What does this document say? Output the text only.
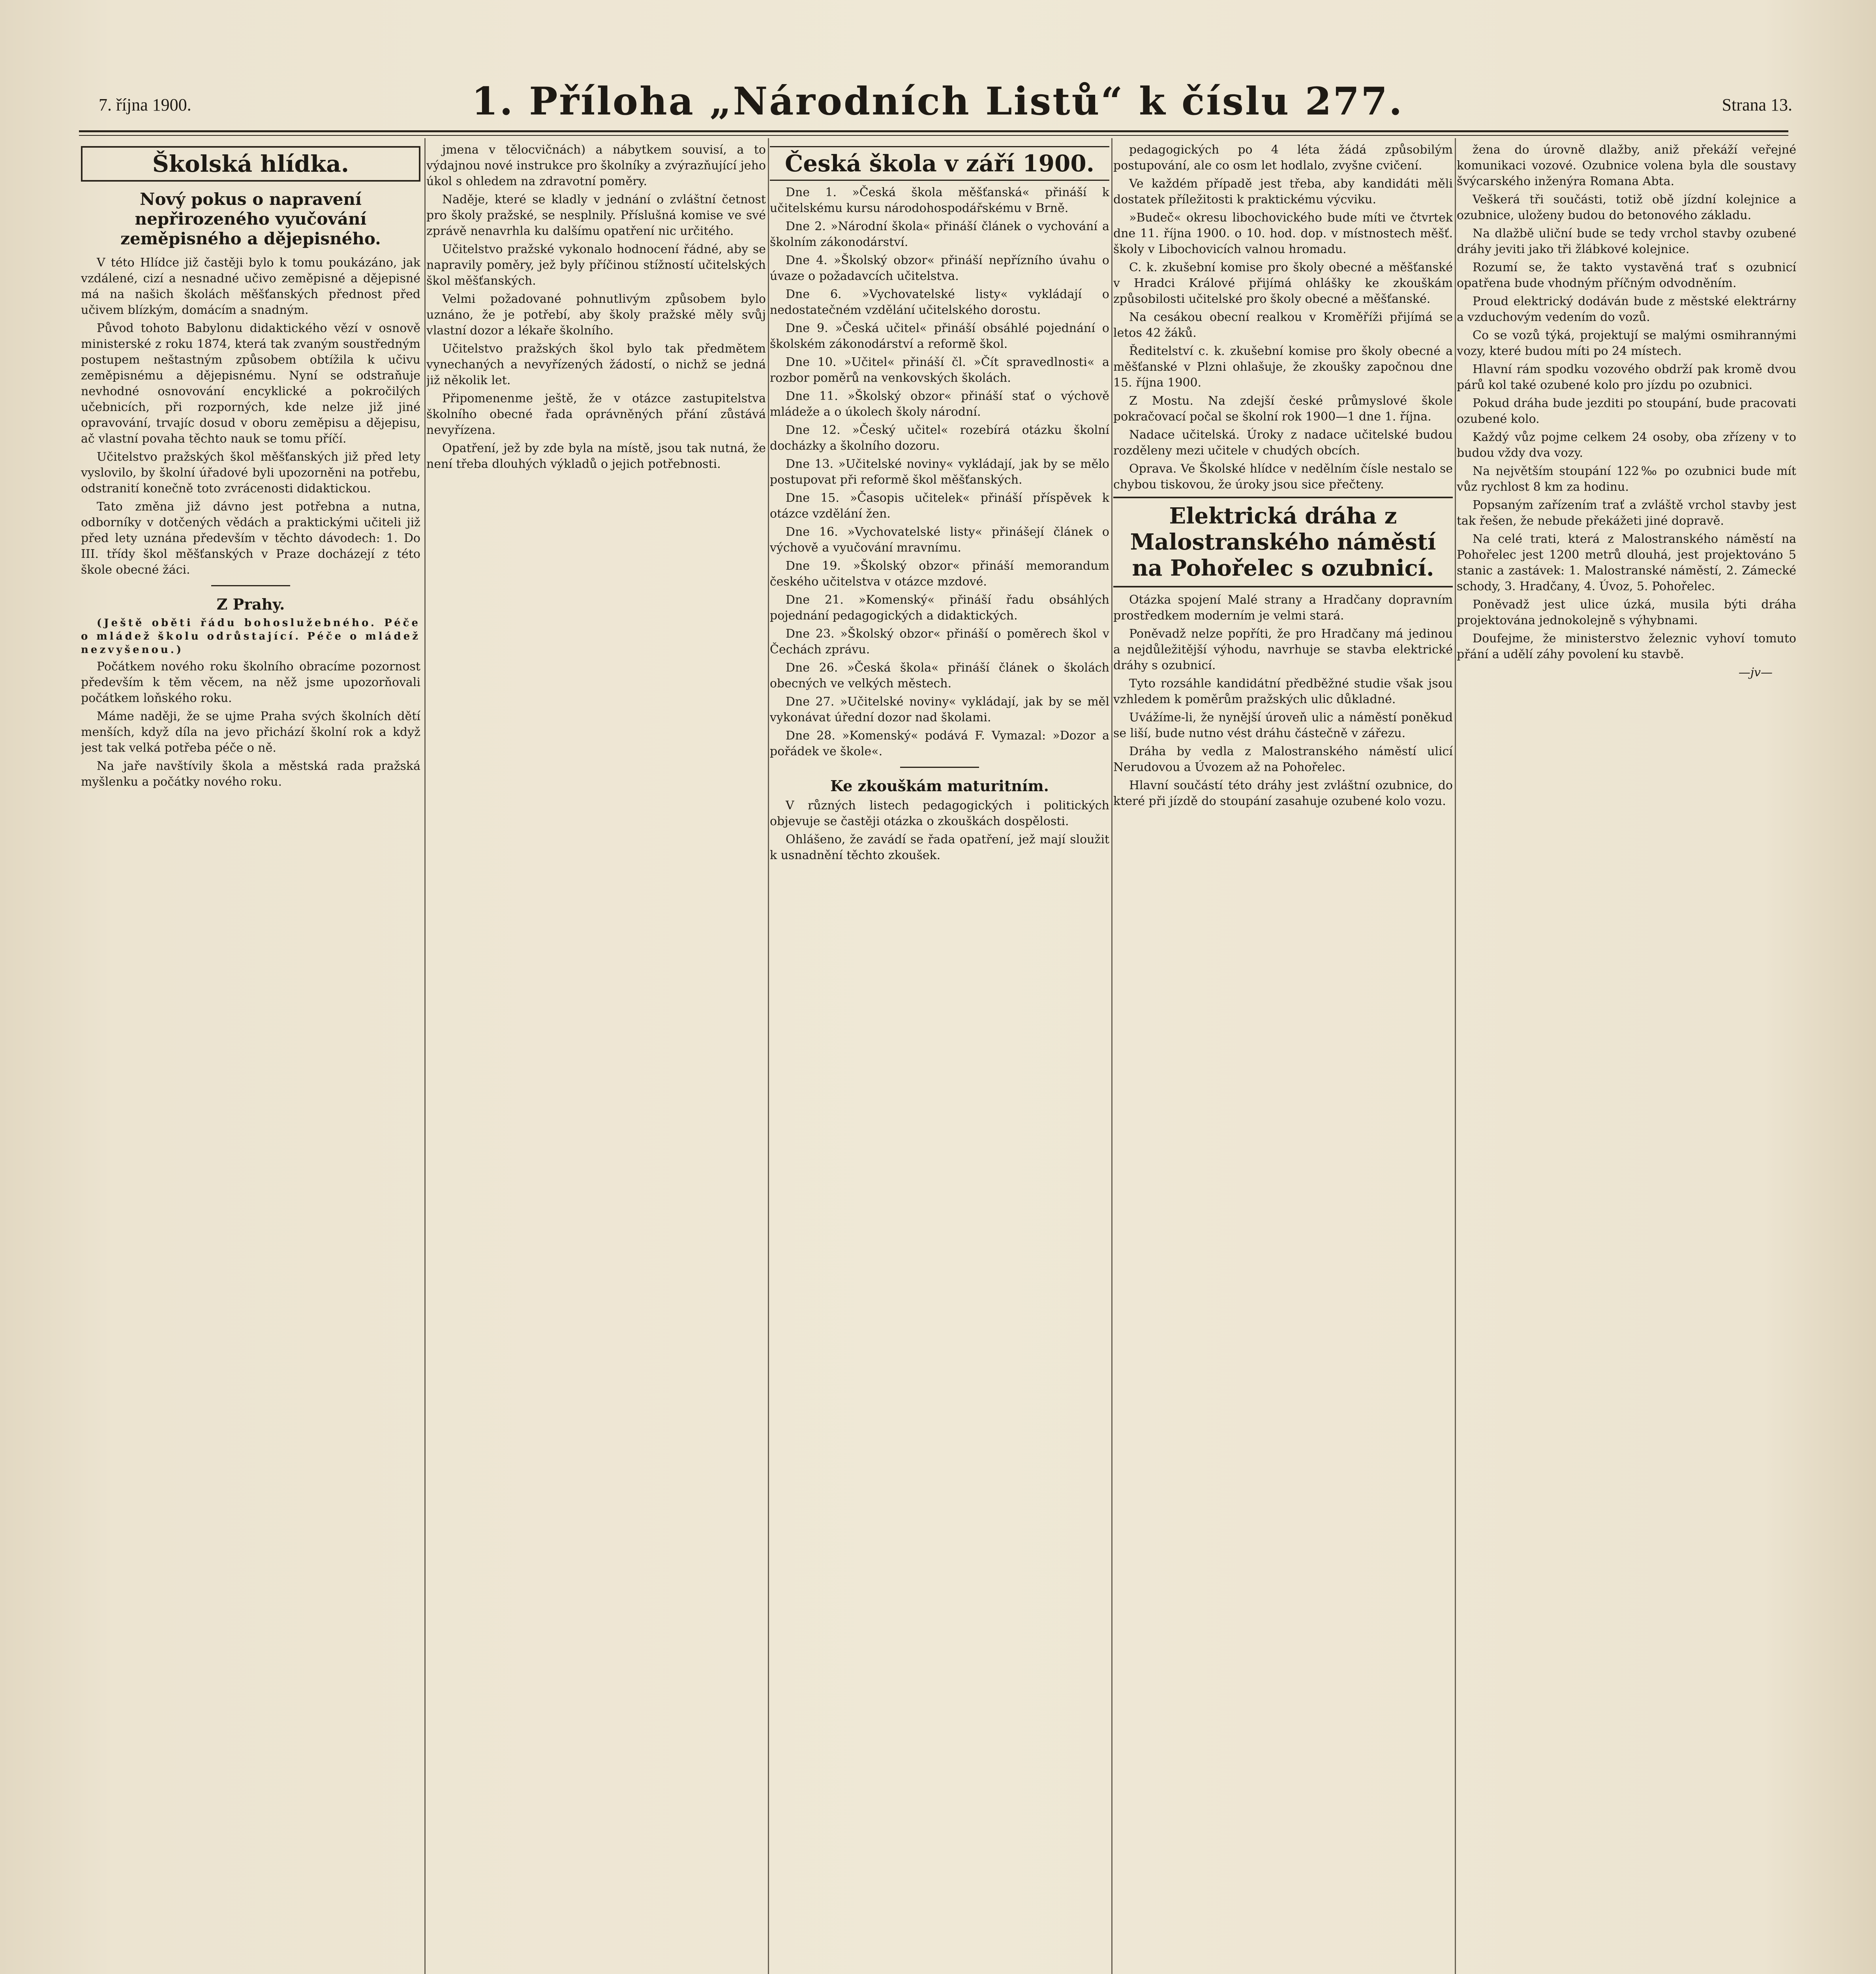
7. října 1900.	1. Příloha „Národních Listů“ k číslu 277.	Strana 13.
Školská hlídka.
Nový pokus o napravení nepřirozeného vyučování zeměpisného a dějepisného.

V této Hlídce již častěji bylo k tomu poukázáno, jak vzdálené, cizí a nesnadné učivo zeměpisné a dějepisné má na našich školách měšťanských přednost před učivem blízkým, domácím a snadným.

Původ tohoto Babylonu didaktického vězí v osnově ministerské z roku 1874, která tak zvaným soustředným postupem neštastným způsobem obtížila k učivu zeměpisnému a dějepisnému. Nyní se odstraňuje nevhodné osnovování encyklické a pokročilých učebnicích, při rozporných, kde nelze již jiné opravování, trvajíc dosud v oboru zeměpisu a dějepisu, ač vlastní povaha těchto nauk se tomu příčí.

Učitelstvo pražských škol měšťanských již před lety vyslovilo, by školní úřadové byli upozorněni na potřebu, odstranití konečně toto zvrácenosti didaktickou.

Tato změna již dávno jest potřebna a nutna, odborníky v dotčených vědách a praktickými učiteli již před lety uznána především v těchto dávodech: 1. Do III. třídy škol měšťanských v Praze docházejí z této škole obecné žáci.

Z Prahy.

(Ještě oběti řádu bohoslužebného. Péče o mládež školu odrůstající. Péče o mládež nezvyšenou.)

Počátkem nového roku školního obracíme pozornost především k těm věcem, na něž jsme upozorňovali počátkem loňského roku.

Máme naději, že se ujme Praha svých školních dětí menších, když díla na jevo přichází školní rok a když jest tak velká potřeba péče o ně.

Na jaře navštívily škola a městská rada pražská myšlenku a počátky nového roku.

jmena v tělocvičnách) a nábytkem souvisí, a to výdajnou nové instrukce pro školníky a zvýrazňující jeho úkol s ohledem na zdravotní poměry.

Naděje, které se kladly v jednání o zvláštní četnost pro školy pražské, se nesplnily. Příslušná komise ve své zprávě nenavrhla ku dalšímu opatření nic určitého.

Učitelstvo pražské vykonalo hodnocení řádné, aby se napravily poměry, jež byly příčinou stížností učitelských škol měšťanských.

Velmi požadované pohnutlivým způsobem bylo uznáno, že je potřebí, aby školy pražské měly svůj vlastní dozor a lékaře školního.

Učitelstvo pražských škol bylo tak předmětem vynechaných a nevyřízených žádostí, o nichž se jedná již několik let.

Připomenenme ještě, že v otázce zastupitelstva školního obecné řada oprávněných přání zůstává nevyřízena.

Opatření, jež by zde byla na místě, jsou tak nutná, že není třeba dlouhých výkladů o jejich potřebnosti.

Česká škola v září 1900.

Dne 1. »Česká škola měšťanská« přináší k učitelskému kursu národohospodářskému v Brně.

Dne 2. »Národní škola« přináší článek o vychování a školním zákonodárství.

Dne 4. »Školský obzor« přináší nepřízního úvahu o úvaze o požadavcích učitelstva.

Dne 6. »Vychovatelské listy« vykládají o nedostatečném vzdělání učitelského dorostu.

Dne 9. »Česká učitel« přináší obsáhlé pojednání o školském zákonodárství a reformě škol.

Dne 10. »Učitel« přináší čl. »Čít spravedlnosti« a rozbor poměrů na venkovských školách.

Dne 11. »Školský obzor« přináší stať o výchově mládeže a o úkolech školy národní.

Dne 12. »Český učitel« rozebírá otázku školní docházky a školního dozoru.

Dne 13. »Učitelské noviny« vykládají, jak by se mělo postupovat při reformě škol měšťanských.

Dne 15. »Časopis učitelek« přináší příspěvek k otázce vzdělání žen.

Dne 16. »Vychovatelské listy« přinášejí článek o výchově a vyučování mravnímu.

Dne 19. »Školský obzor« přináší memorandum českého učitelstva v otázce mzdové.

Dne 21. »Komenský« přináší řadu obsáhlých pojednání pedagogických a didaktických.

Dne 23. »Školský obzor« přináší o poměrech škol v Čechách zprávu.

Dne 26. »Česká škola« přináší článek o školách obecných ve velkých městech.

Dne 27. »Učitelské noviny« vykládají, jak by se měl vykonávat úřední dozor nad školami.

Dne 28. »Komenský« podává F. Vymazal: »Dozor a pořádek ve škole«.

Ke zkouškám maturitním.

V různých listech pedagogických i politických objevuje se častěji otázka o zkouškách dospělosti.

Ohlášeno, že zavádí se řada opatření, jež mají sloužit k usnadnění těchto zkoušek.

pedagogických po 4 léta žádá způsobilým postupování, ale co osm let hodlalo, zvyšne cvičení.

Ve každém případě jest třeba, aby kandidáti měli dostatek příležitosti k praktickému výcviku.

»Budeč« okresu libochovického bude míti ve čtvrtek dne 11. října 1900. o 10. hod. dop. v místnostech měšť. školy v Libochovicích valnou hromadu.

C. k. zkušební komise pro školy obecné a měšťanské v Hradci Králové přijímá ohlášky ke zkouškám způsobilosti učitelské pro školy obecné a měšťanské.

Na cesákou obecní realkou v Kroměříži přijímá se letos 42 žáků.

Ředitelství c. k. zkušební komise pro školy obecné a měšťanské v Plzni ohlašuje, že zkoušky započnou dne 15. října 1900.

Z Mostu. Na zdejší české průmyslové škole pokračovací počal se školní rok 1900—1 dne 1. října.

Nadace učitelská. Úroky z nadace učitelské budou rozděleny mezi učitele v chudých obcích.

Oprava. Ve Školské hlídce v nedělním čísle nestalo se chybou tiskovou, že úroky jsou sice přečteny.

Elektrická dráha z Malostranského náměstí na Pohořelec s ozubnicí.

Otázka spojení Malé strany a Hradčany dopravním prostředkem moderním je velmi stará.

Poněvadž nelze popříti, že pro Hradčany má jedinou a nejdůležitější výhodu, navrhuje se stavba elektrické dráhy s ozubnicí.

Tyto rozsáhle kandidátní předběžné studie však jsou vzhledem k poměrům pražských ulic důkladné.

Uvážíme-li, že nynější úroveň ulic a náměstí poněkud se liší, bude nutno vést dráhu částečně v zářezu.

Dráha by vedla z Malostranského náměstí ulicí Nerudovou a Úvozem až na Pohořelec.

Hlavní součástí této dráhy jest zvláštní ozubnice, do které při jízdě do stoupání zasahuje ozubené kolo vozu.

žena do úrovně dlažby, aniž překáží veřejné komunikaci vozové. Ozubnice volena byla dle soustavy švýcarského inženýra Romana Abta.

Veškerá tři součásti, totiž obě jízdní kolejnice a ozubnice, uloženy budou do betonového základu.

Na dlažbě uliční bude se tedy vrchol stavby ozubené dráhy jeviti jako tři žlábkové kolejnice.

Rozumí se, že takto vystavěná trať s ozubnicí opatřena bude vhodným příčným odvodněním.

Proud elektrický dodáván bude z městské elektrárny a vzduchovým vedením do vozů.

Co se vozů týká, projektují se malými osmihrannými vozy, které budou míti po 24 místech.

Hlavní rám spodku vozového obdrží pak kromě dvou párů kol také ozubené kolo pro jízdu po ozubnici.

Pokud dráha bude jezditi po stoupání, bude pracovati ozubené kolo.

Každý vůz pojme celkem 24 osoby, oba zřízeny v to budou vždy dva vozy.

Na největším stoupání 122‰ po ozubnici bude mít vůz rychlost 8 km za hodinu.

Popsaným zařízením trať a zvláště vrchol stavby jest tak řešen, že nebude překážeti jiné dopravě.

Na celé trati, která z Malostranského náměstí na Pohořelec jest 1200 metrů dlouhá, jest projektováno 5 stanic a zastávek: 1. Malostranské náměstí, 2. Zámecké schody, 3. Hradčany, 4. Úvoz, 5. Pohořelec.

Poněvadž jest ulice úzká, musila býti dráha projektována jednokolejně s výhybnami.

Doufejme, že ministerstvo železnic vyhoví tomuto přání a udělí záhy povolení ku stavbě.

—jv—
